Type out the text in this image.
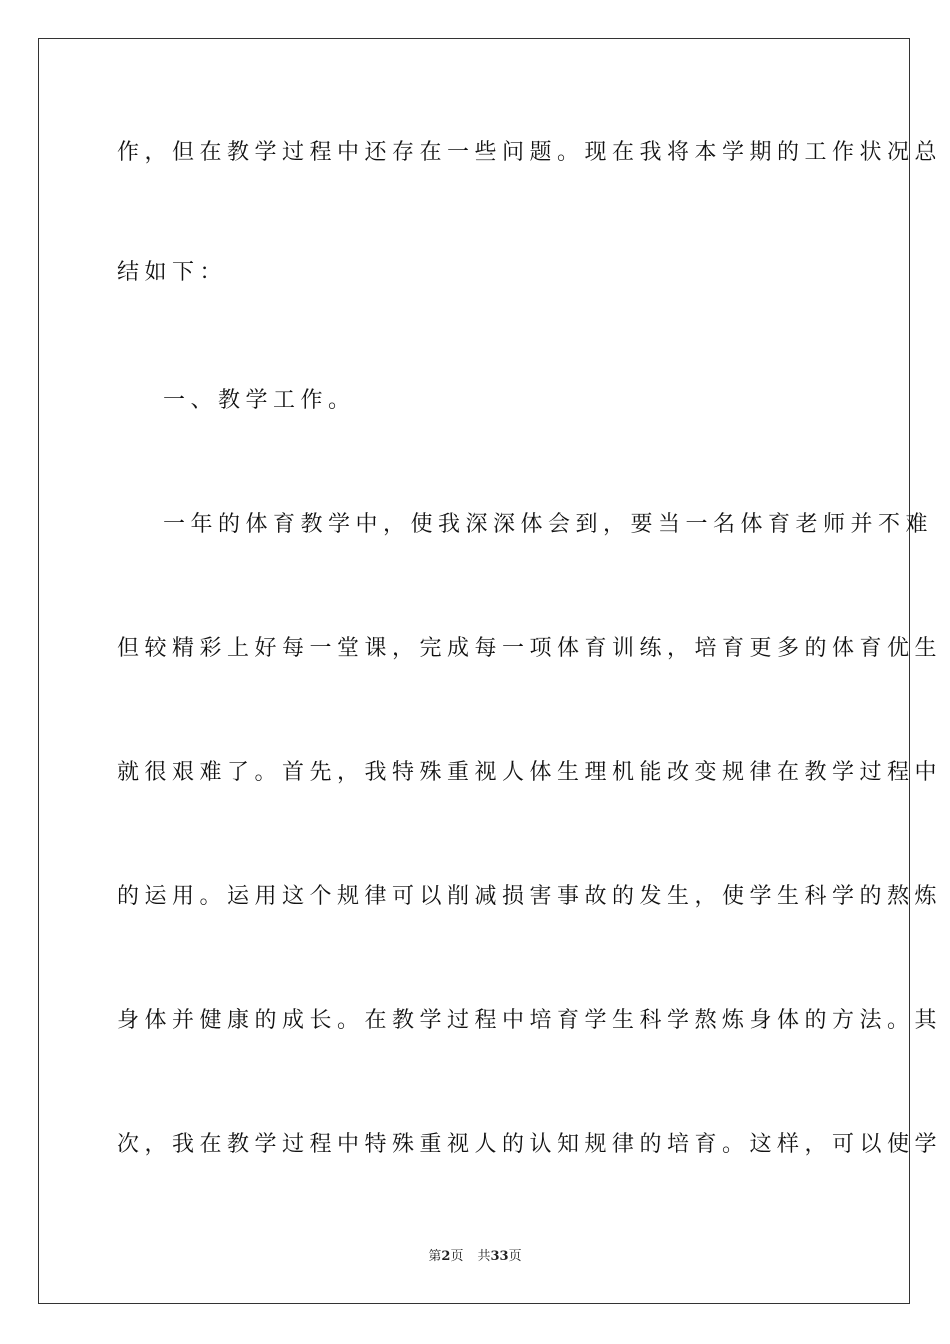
作，但在教学过程中还存在一些问题。现在我将本学期的工作状况总
结如下：
一、教学工作。
一年的体育教学中，使我深深体会到，要当一名体育老师并不难
但较精彩上好每一堂课，完成每一项体育训练，培育更多的体育优生
就很艰难了。首先，我特殊重视人体生理机能改变规律在教学过程中
的运用。运用这个规律可以削减损害事故的发生，使学生科学的熬炼
身体并健康的成长。在教学过程中培育学生科学熬炼身体的方法。其
次，我在教学过程中特殊重视人的认知规律的培育。这样，可以使学
第2页 共33页
